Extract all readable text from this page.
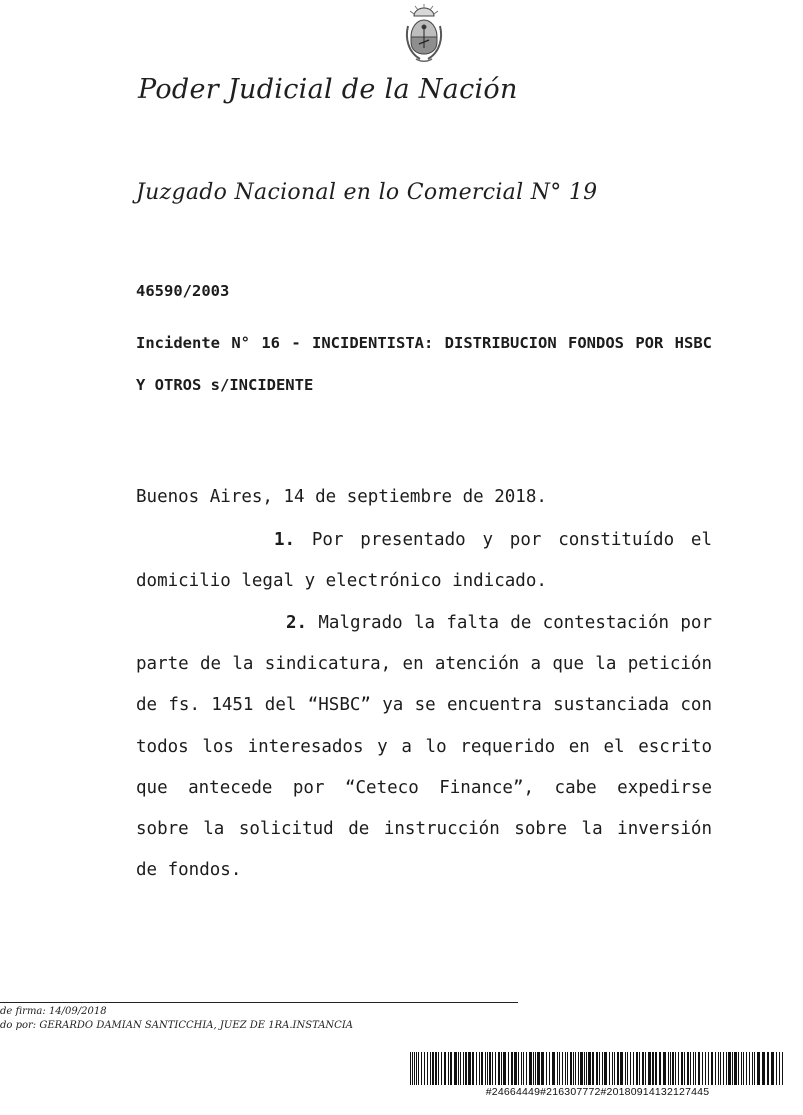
Poder Judicial de la Nación
Juzgado Nacional en lo Comercial N° 19
46590/2003
Incidente N° 16 - INCIDENTISTA: DISTRIBUCION FONDOS POR HSBC Y OTROS s/INCIDENTE
Buenos Aires, 14 de septiembre de 2018.
1. Por presentado y por constituído el domicilio legal y electrónico indicado.
2. Malgrado la falta de contestación por parte de la sindicatura, en atención a que la petición de fs. 1451 del “HSBC” ya se encuentra sustanciada con todos los interesados y a lo requerido en el escrito que antecede por “Ceteco Finance”, cabe expedirse sobre la solicitud de instrucción sobre la inversión de fondos.
de firma: 14/09/2018
do por: GERARDO DAMIAN SANTICCHIA, JUEZ DE 1RA.INSTANCIA
#24664449#216307772#20180914132127445
